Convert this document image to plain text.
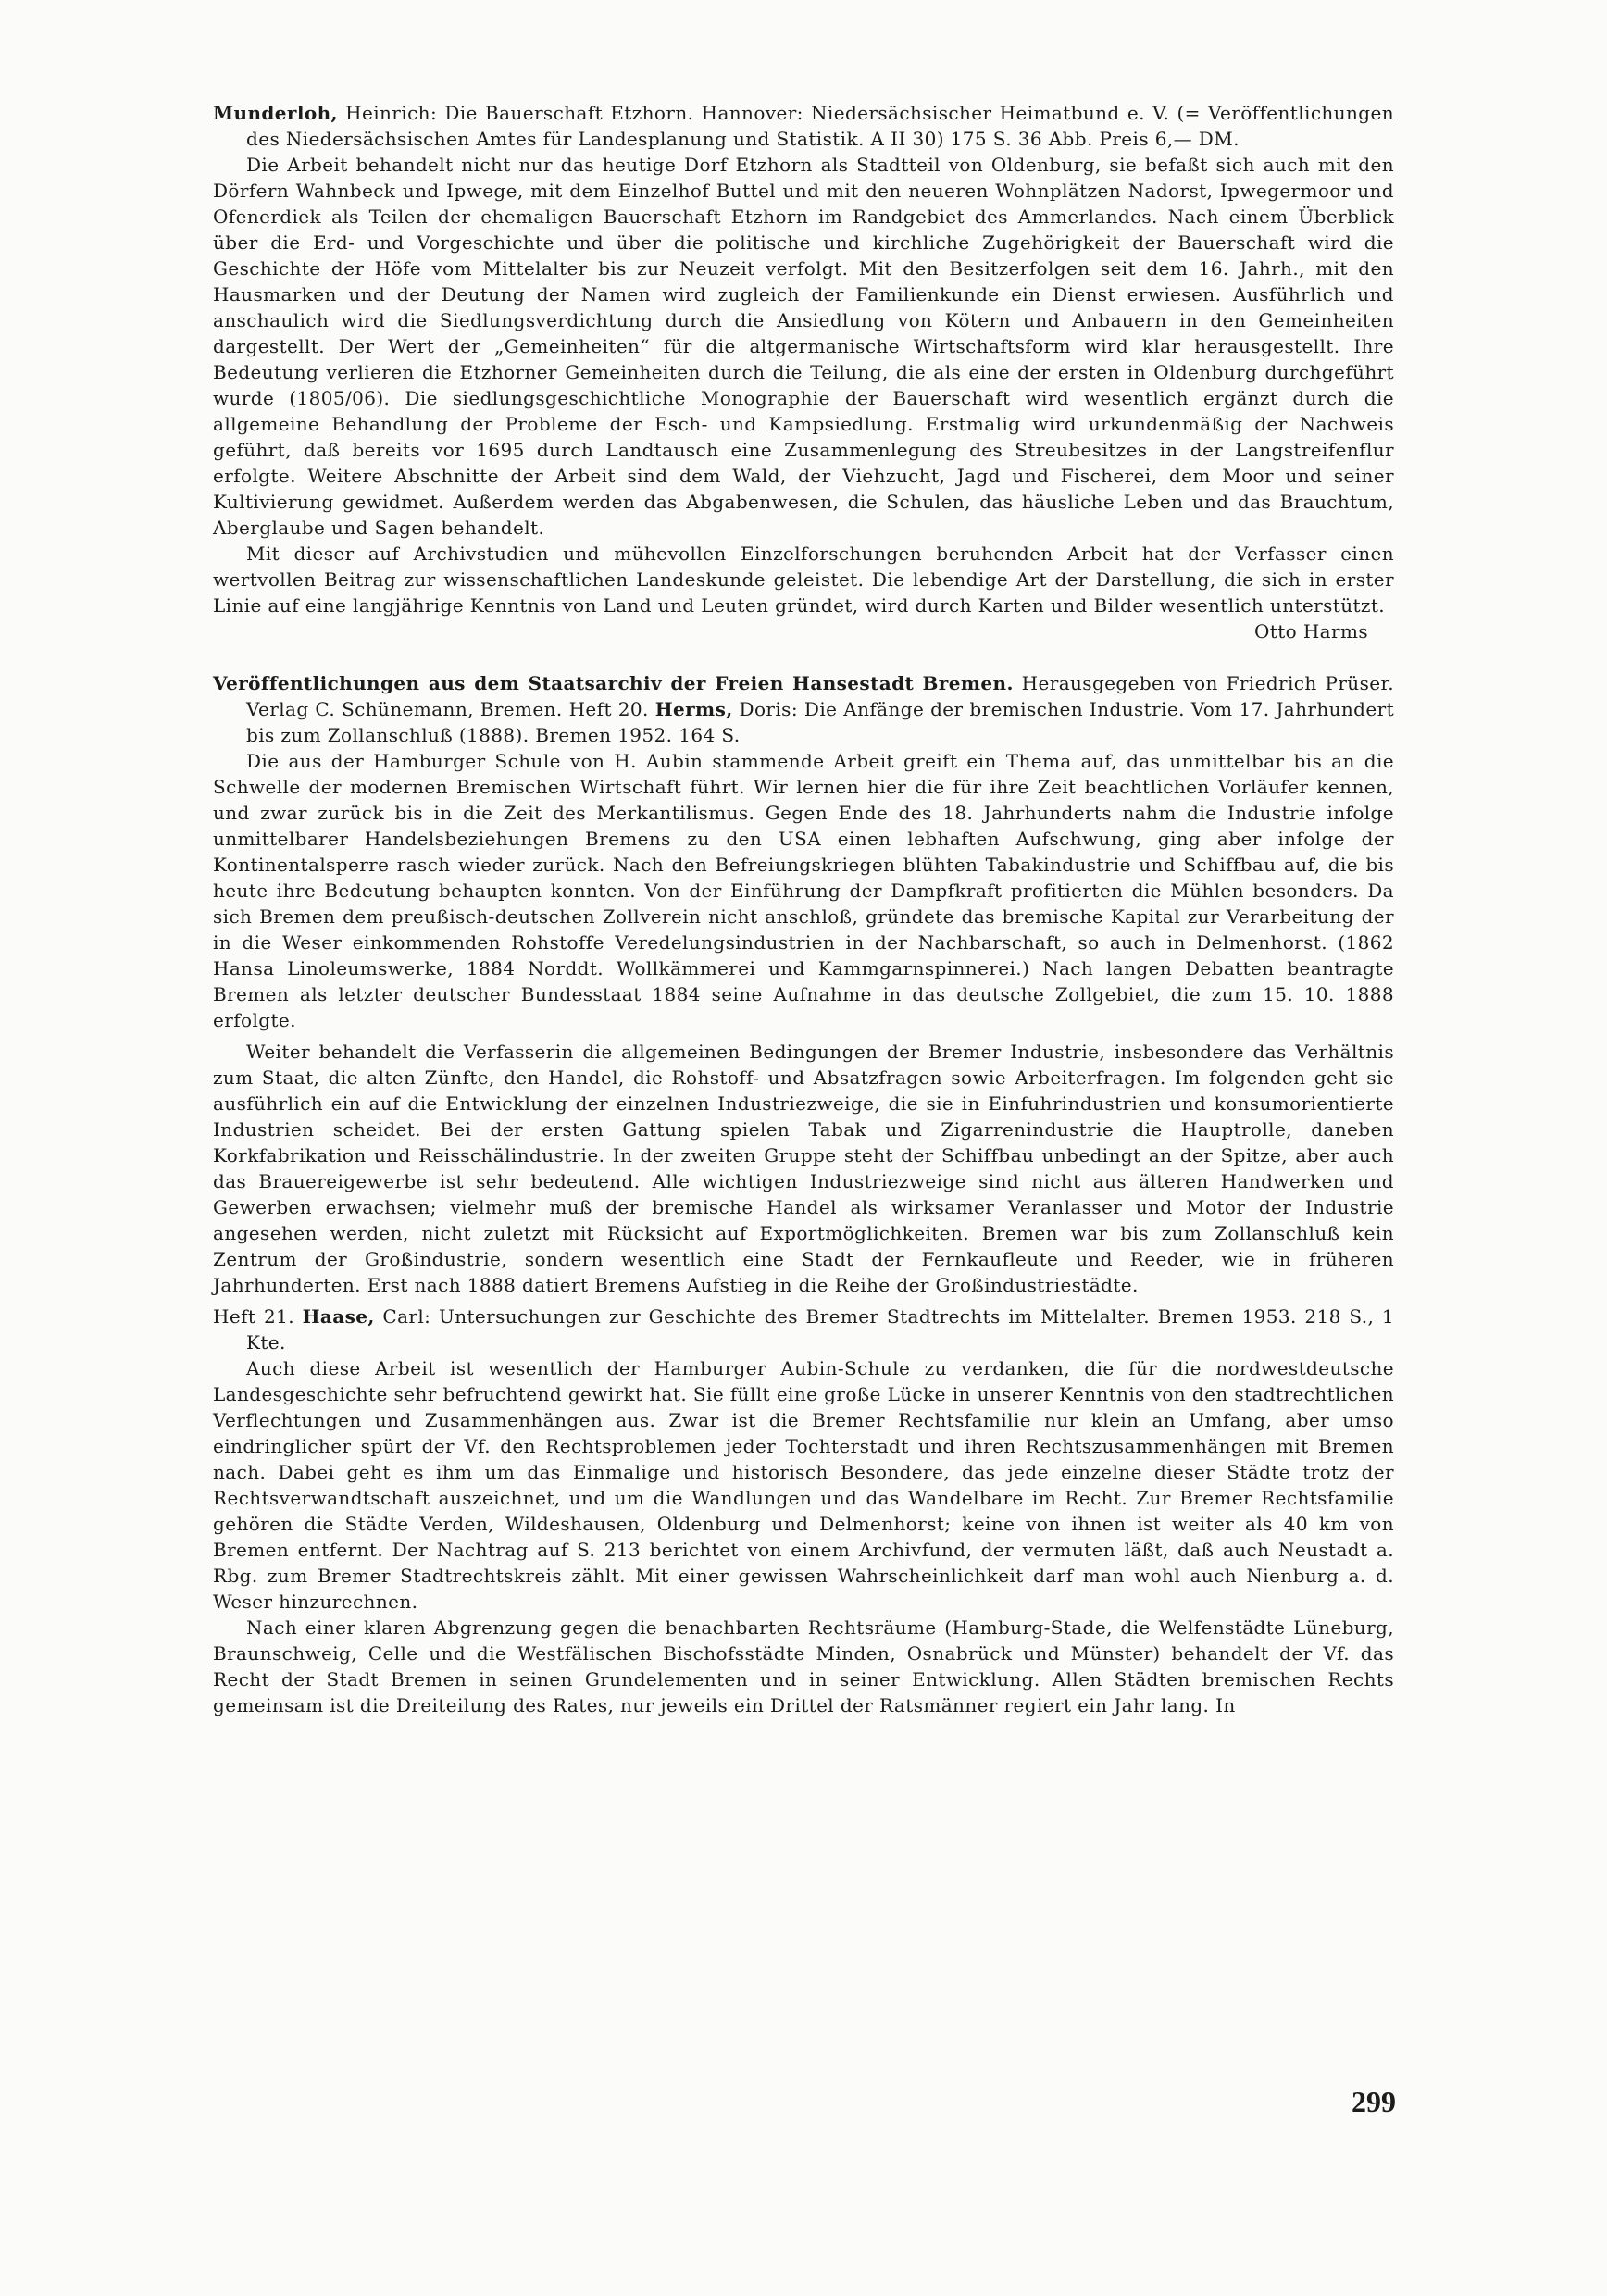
Munderloh, Heinrich: Die Bauerschaft Etzhorn. Hannover: Niedersächsischer Heimatbund e. V. (= Veröffentlichungen des Niedersächsischen Amtes für Landesplanung und Statistik. A II 30) 175 S. 36 Abb. Preis 6,— DM.

Die Arbeit behandelt nicht nur das heutige Dorf Etzhorn als Stadtteil von Oldenburg, sie befaßt sich auch mit den Dörfern Wahnbeck und Ipwege, mit dem Einzelhof Buttel und mit den neueren Wohnplätzen Nadorst, Ipwegermoor und Ofenerdiek als Teilen der ehemaligen Bauerschaft Etzhorn im Randgebiet des Ammerlandes. Nach einem Überblick über die Erd- und Vorgeschichte und über die politische und kirchliche Zugehörigkeit der Bauerschaft wird die Geschichte der Höfe vom Mittelalter bis zur Neuzeit verfolgt. Mit den Besitzerfolgen seit dem 16. Jahrh., mit den Hausmarken und der Deutung der Namen wird zugleich der Familienkunde ein Dienst erwiesen. Ausführlich und anschaulich wird die Siedlungsverdichtung durch die Ansiedlung von Kötern und Anbauern in den Gemeinheiten dargestellt. Der Wert der „Gemeinheiten“ für die altgermanische Wirtschaftsform wird klar herausgestellt. Ihre Bedeutung verlieren die Etzhorner Gemeinheiten durch die Teilung, die als eine der ersten in Oldenburg durchgeführt wurde (1805/06). Die siedlungsgeschichtliche Monographie der Bauerschaft wird wesentlich ergänzt durch die allgemeine Behandlung der Probleme der Esch- und Kampsiedlung. Erstmalig wird urkundenmäßig der Nachweis geführt, daß bereits vor 1695 durch Landtausch eine Zusammenlegung des Streubesitzes in der Langstreifenflur erfolgte. Weitere Abschnitte der Arbeit sind dem Wald, der Viehzucht, Jagd und Fischerei, dem Moor und seiner Kultivierung gewidmet. Außerdem werden das Abgabenwesen, die Schulen, das häusliche Leben und das Brauchtum, Aberglaube und Sagen behandelt.

Mit dieser auf Archivstudien und mühevollen Einzelforschungen beruhenden Arbeit hat der Verfasser einen wertvollen Beitrag zur wissenschaftlichen Landeskunde geleistet. Die lebendige Art der Darstellung, die sich in erster Linie auf eine langjährige Kenntnis von Land und Leuten gründet, wird durch Karten und Bilder wesentlich unterstützt.

Otto Harms

Veröffentlichungen aus dem Staatsarchiv der Freien Hansestadt Bremen. Herausgegeben von Friedrich Prüser. Verlag C. Schünemann, Bremen. Heft 20. Herms, Doris: Die Anfänge der bremischen Industrie. Vom 17. Jahrhundert bis zum Zollanschluß (1888). Bremen 1952. 164 S.

Die aus der Hamburger Schule von H. Aubin stammende Arbeit greift ein Thema auf, das unmittelbar bis an die Schwelle der modernen Bremischen Wirtschaft führt. Wir lernen hier die für ihre Zeit beachtlichen Vorläufer kennen, und zwar zurück bis in die Zeit des Merkantilismus. Gegen Ende des 18. Jahrhunderts nahm die Industrie infolge unmittelbarer Handelsbeziehungen Bremens zu den USA einen lebhaften Aufschwung, ging aber infolge der Kontinentalsperre rasch wieder zurück. Nach den Befreiungskriegen blühten Tabakindustrie und Schiffbau auf, die bis heute ihre Bedeutung behaupten konnten. Von der Einführung der Dampfkraft profitierten die Mühlen besonders. Da sich Bremen dem preußisch-deutschen Zollverein nicht anschloß, gründete das bremische Kapital zur Verarbeitung der in die Weser einkommenden Rohstoffe Veredelungsindustrien in der Nachbarschaft, so auch in Delmenhorst. (1862 Hansa Linoleumswerke, 1884 Norddt. Wollkämmerei und Kammgarnspinnerei.) Nach langen Debatten beantragte Bremen als letzter deutscher Bundesstaat 1884 seine Aufnahme in das deutsche Zollgebiet, die zum 15. 10. 1888 erfolgte.

Weiter behandelt die Verfasserin die allgemeinen Bedingungen der Bremer Industrie, insbesondere das Verhältnis zum Staat, die alten Zünfte, den Handel, die Rohstoff- und Absatzfragen sowie Arbeiterfragen. Im folgenden geht sie ausführlich ein auf die Entwicklung der einzelnen Industriezweige, die sie in Einfuhrindustrien und konsumorientierte Industrien scheidet. Bei der ersten Gattung spielen Tabak und Zigarrenindustrie die Hauptrolle, daneben Korkfabrikation und Reisschälindustrie. In der zweiten Gruppe steht der Schiffbau unbedingt an der Spitze, aber auch das Brauereigewerbe ist sehr bedeutend. Alle wichtigen Industriezweige sind nicht aus älteren Handwerken und Gewerben erwachsen; vielmehr muß der bremische Handel als wirksamer Veranlasser und Motor der Industrie angesehen werden, nicht zuletzt mit Rücksicht auf Exportmöglichkeiten. Bremen war bis zum Zollanschluß kein Zentrum der Großindustrie, sondern wesentlich eine Stadt der Fernkaufleute und Reeder, wie in früheren Jahrhunderten. Erst nach 1888 datiert Bremens Aufstieg in die Reihe der Großindustriestädte.

Heft 21. Haase, Carl: Untersuchungen zur Geschichte des Bremer Stadtrechts im Mittelalter. Bremen 1953. 218 S., 1 Kte.

Auch diese Arbeit ist wesentlich der Hamburger Aubin-Schule zu verdanken, die für die nordwestdeutsche Landesgeschichte sehr befruchtend gewirkt hat. Sie füllt eine große Lücke in unserer Kenntnis von den stadtrechtlichen Verflechtungen und Zusammenhängen aus. Zwar ist die Bremer Rechtsfamilie nur klein an Umfang, aber umso eindringlicher spürt der Vf. den Rechtsproblemen jeder Tochterstadt und ihren Rechtszusammenhängen mit Bremen nach. Dabei geht es ihm um das Einmalige und historisch Besondere, das jede einzelne dieser Städte trotz der Rechtsverwandtschaft auszeichnet, und um die Wandlungen und das Wandelbare im Recht. Zur Bremer Rechtsfamilie gehören die Städte Verden, Wildeshausen, Oldenburg und Delmenhorst; keine von ihnen ist weiter als 40 km von Bremen entfernt. Der Nachtrag auf S. 213 berichtet von einem Archivfund, der vermuten läßt, daß auch Neustadt a. Rbg. zum Bremer Stadtrechtskreis zählt. Mit einer gewissen Wahrscheinlichkeit darf man wohl auch Nienburg a. d. Weser hinzurechnen.

Nach einer klaren Abgrenzung gegen die benachbarten Rechtsräume (Hamburg-Stade, die Welfenstädte Lüneburg, Braunschweig, Celle und die Westfälischen Bischofsstädte Minden, Osnabrück und Münster) behandelt der Vf. das Recht der Stadt Bremen in seinen Grundelementen und in seiner Entwicklung. Allen Städten bremischen Rechts gemeinsam ist die Dreiteilung des Rates, nur jeweils ein Drittel der Ratsmänner regiert ein Jahr lang. In

299
